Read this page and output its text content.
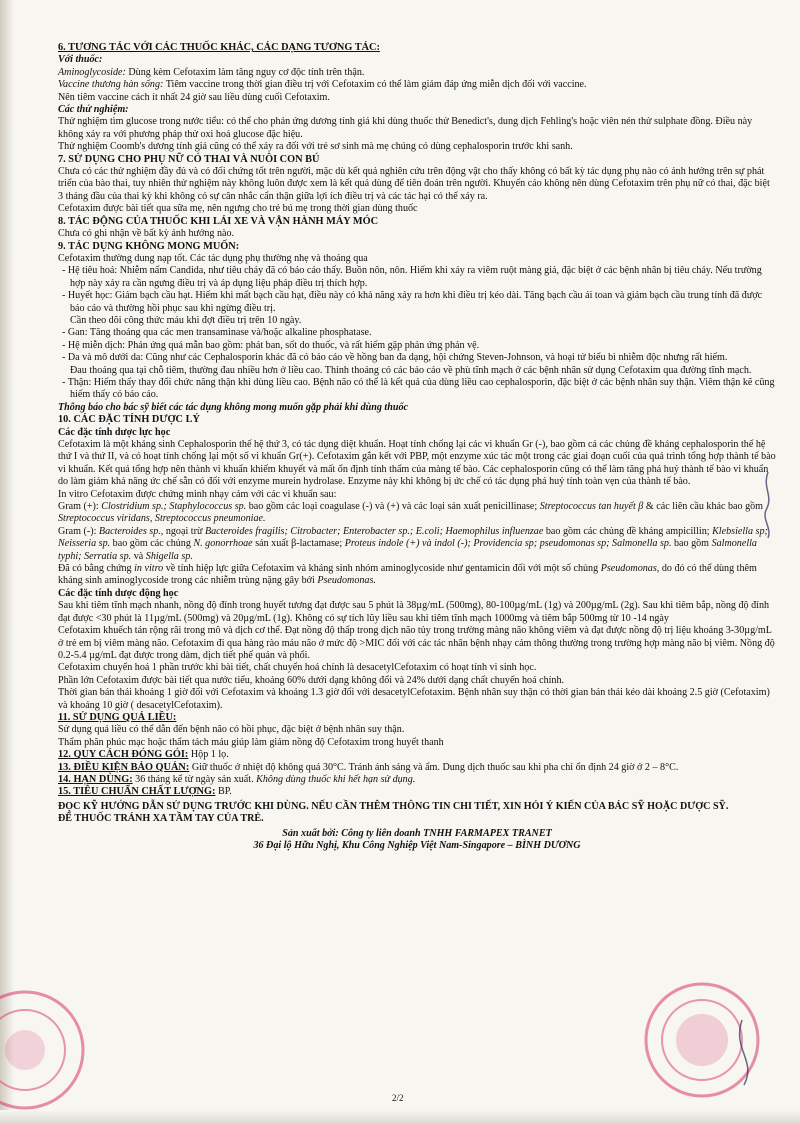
6. TƯƠNG TÁC VỚI CÁC THUỐC KHÁC, CÁC DẠNG TƯƠNG TÁC:

Với thuốc:

Aminoglycoside: Dùng kèm Cefotaxim làm tăng nguy cơ độc tính trên thận.

Vaccine thương hàn sống: Tiêm vaccine trong thời gian điều trị với Cefotaxim có thể làm giảm đáp ứng miễn dịch đối với vaccine.

Nên tiêm vaccine cách ít nhất 24 giờ sau liều dùng cuối Cefotaxim.

Các thử nghiệm:

Thử nghiệm tìm glucose trong nước tiểu: có thể cho phản ứng dương tính giả khi dùng thuốc thử Benedict's, dung dịch Fehling's hoặc viên nén thử sulphate đồng. Điều này không xảy ra với phương pháp thử oxi hoá glucose đặc hiệu.

Thử nghiệm Coomb's dương tính giả cũng có thể xảy ra đối với trẻ sơ sinh mà mẹ chúng có dùng cephalosporin trước khi sanh.

7. SỬ DỤNG CHO PHỤ NỮ CÓ THAI VÀ NUÔI CON BÚ

Chưa có các thử nghiệm đầy đủ và có đối chứng tốt trên người, mặc dù kết quả nghiên cứu trên động vật cho thấy không có bất kỳ tác dụng phụ nào có ảnh hưởng trên sự phát triển của bào thai, tuy nhiên thử nghiệm này không luôn được xem là kết quả dùng để tiên đoán trên người. Khuyến cáo không nên dùng Cefotaxim trên phụ nữ có thai, đặc biệt 3 tháng đầu của thai kỳ khi không có sự cân nhắc cẩn thận giữa lợi ích điều trị và các tác hại có thể xảy ra.

Cefotaxim được bài tiết qua sữa mẹ, nên ngưng cho trẻ bú mẹ trong thời gian dùng thuốc

8. TÁC ĐỘNG CỦA THUỐC KHI LÁI XE VÀ VẬN HÀNH MÁY MÓC

Chưa có ghi nhận về bất kỳ ảnh hưởng nào.

9. TÁC DỤNG KHÔNG MONG MUỐN:

Cefotaxim thường dung nạp tốt. Các tác dụng phụ thường nhẹ và thoáng qua

- Hệ tiêu hoá: Nhiễm nấm Candida, như tiêu chảy đã có báo cáo thấy. Buồn nôn, nôn. Hiếm khi xảy ra viêm ruột màng giả, đặc biệt ở các bệnh nhân bị tiêu chảy. Nếu trường hợp này xảy ra cần ngưng điều trị và áp dụng liệu pháp điều trị thích hợp.

- Huyết học: Giảm bạch cầu hạt. Hiếm khi mất bạch cầu hạt, điều này có khả năng xảy ra hơn khi điều trị kéo dài. Tăng bạch cầu ái toan và giảm bạch cầu trung tính đã được báo cáo và thường hồi phục sau khi ngừng điều trị.

Cần theo dõi công thức máu khi đợt điều trị trên 10 ngày.

- Gan: Tăng thoáng qua các men transaminase và/hoặc alkaline phosphatase.

- Hệ miễn dịch: Phản ứng quá mẫn bao gồm: phát ban, sốt do thuốc, và rất hiếm gặp phản ứng phản vệ.

- Da và mô dưới da: Cũng như các Cephalosporin khác đã có báo cáo về hồng ban đa dạng, hội chứng Steven-Johnson, và hoại tử biểu bì nhiễm độc nhưng rất hiếm.

Đau thoáng qua tại chỗ tiêm, thường đau nhiều hơn ở liều cao. Thỉnh thoảng có các báo cáo về phù tĩnh mạch ở các bệnh nhân sử dụng Cefotaxim qua đường tĩnh mạch.

- Thận: Hiếm thấy thay đổi chức năng thận khi dùng liều cao. Bệnh não có thể là kết quả của dùng liều cao cephalosporin, đặc biệt ở các bệnh nhân suy thận. Viêm thận kẽ cũng hiếm thấy có báo cáo.

Thông báo cho bác sỹ biết các tác dụng không mong muốn gặp phải khi dùng thuốc

10. CÁC ĐẶC TÍNH DƯỢC LÝ

Các đặc tính dược lực học

Cefotaxim là một kháng sinh Cephalosporin thế hệ thứ 3, có tác dụng diệt khuẩn. Hoạt tính chống lại các vi khuẩn Gr (-), bao gồm cả các chủng đề kháng cephalosporin thế hệ thứ I và thứ II, và có hoạt tính chống lại một số vi khuẩn Gr(+). Cefotaxim gắn kết với PBP, một enzyme xúc tác một trong các giai đoạn cuối của quá trình tổng hợp thành tế bào vi khuẩn. Kết quả tổng hợp nên thành vi khuẩn khiếm khuyết và mất ổn định tính thẩm của màng tế bào. Các cephalosporin cũng có thể làm tăng phá huỷ thành tế bào vi khuẩn do làm giảm khả năng ức chế sẵn có đối với enzyme murein hydrolase. Enzyme này khi không bị ức chế có tác dụng phá huỷ tính toàn vẹn của thành tế bào.

In vitro Cefotaxim được chứng minh nhạy cảm với các vi khuẩn sau:

Gram (+): Clostridium sp.; Staphylococcus sp. bao gồm các loại coagulase (-) và (+) và các loại sản xuất penicillinase; Streptococcus tan huyết β & các liên cầu khác bao gồm Streptococcus viridans, Streptococcus pneumoniae.

Gram (-): Bacteroides sp., ngoại trừ Bacteroides fragilis; Citrobacter; Enterobacter sp.; E.coli; Haemophilus influenzae bao gồm các chủng đề kháng ampicillin; Klebsiella sp; Neisseria sp. bao gồm các chủng N. gonorrhoae sản xuất β-lactamase; Proteus indole (+) và indol (-); Providencia sp; pseudomonas sp; Salmonella sp. bao gồm Salmonella typhi; Serratia sp. và Shigella sp.

Đã có bằng chứng in vitro về tính hiệp lực giữa Cefotaxim và kháng sinh nhóm aminoglycoside như gentamicin đối với một số chủng Pseudomonas, do đó có thể dùng thêm kháng sinh aminoglycoside trong các nhiễm trùng nặng gây bởi Pseudomonas.

Các đặc tính dược động học

Sau khi tiêm tĩnh mạch nhanh, nồng độ đỉnh trong huyết tương đạt được sau 5 phút là 38µg/mL (500mg), 80-100µg/mL (1g) và 200µg/mL (2g). Sau khi tiêm bắp, nồng độ đỉnh đạt được <30 phút là 11µg/mL (500mg) và 20µg/mL (1g). Không có sự tích lũy liều sau khi tiêm tĩnh mạch 1000mg và tiêm bắp 500mg từ 10 -14 ngày

Cefotaxim khuếch tán rộng rãi trong mô và dịch cơ thể. Đạt nồng độ thấp trong dịch não tủy trong trường màng não không viêm và đạt được nồng độ trị liệu khoảng 3-30µg/mL ở trẻ em bị viêm màng não. Cefotaxim đi qua hàng rào máu não ở mức độ >MIC đối với các tác nhân bệnh nhạy cảm thông thường trong trường hợp màng não bị viêm. Nồng độ 0.2-5.4 µg/mL đạt được trong dàm, dịch tiết phế quản và phổi.

Cefotaxim chuyển hoá 1 phần trước khi bài tiết, chất chuyển hoá chính là desacetylCefotaxim có hoạt tính vi sinh học.

Phần lớn Cefotaxim được bài tiết qua nước tiểu, khoảng 60% dưới dạng không đổi và 24% dưới dạng chất chuyển hoá chính.

Thời gian bán thải khoảng 1 giờ đối với Cefotaxim và khoảng 1.3 giờ đối với desacetylCefotaxim. Bệnh nhân suy thận có thời gian bán thải kéo dài khoảng 2.5 giờ (Cefotaxim) và khoảng 10 giờ ( desacetylCefotaxim).

11. SỬ DỤNG QUÁ LIỀU:

Sử dụng quá liều có thể dẫn đến bệnh não có hồi phục, đặc biệt ở bệnh nhân suy thận.

Thẩm phân phúc mạc hoặc thẩm tách máu giúp làm giảm nồng độ Cefotaxim trong huyết thanh

12. QUY CÁCH ĐÓNG GÓI: Hộp 1 lọ.

13. ĐIỀU KIỆN BẢO QUẢN: Giữ thuốc ở nhiệt độ không quá 30°C. Tránh ánh sáng và ẩm. Dung dịch thuốc sau khi pha chỉ ổn định 24 giờ ở 2 – 8°C.

14. HẠN DÙNG: 36 tháng kể từ ngày sản xuất. Không dùng thuốc khi hết hạn sử dụng.

15. TIÊU CHUẨN CHẤT LƯỢNG: BP.

ĐỌC KỸ HƯỚNG DẪN SỬ DỤNG TRƯỚC KHI DÙNG. NẾU CẦN THÊM THÔNG TIN CHI TIẾT, XIN HỎI Ý KIẾN CỦA BÁC SỸ HOẶC DƯỢC SỸ.

ĐỂ THUỐC TRÁNH XA TẦM TAY CỦA TRẺ.

Sản xuất bởi: Công ty liên doanh TNHH FARMAPEX TRANET

36 Đại lộ Hữu Nghị, Khu Công Nghiệp Việt Nam-Singapore – BÌNH DƯƠNG

2/2
